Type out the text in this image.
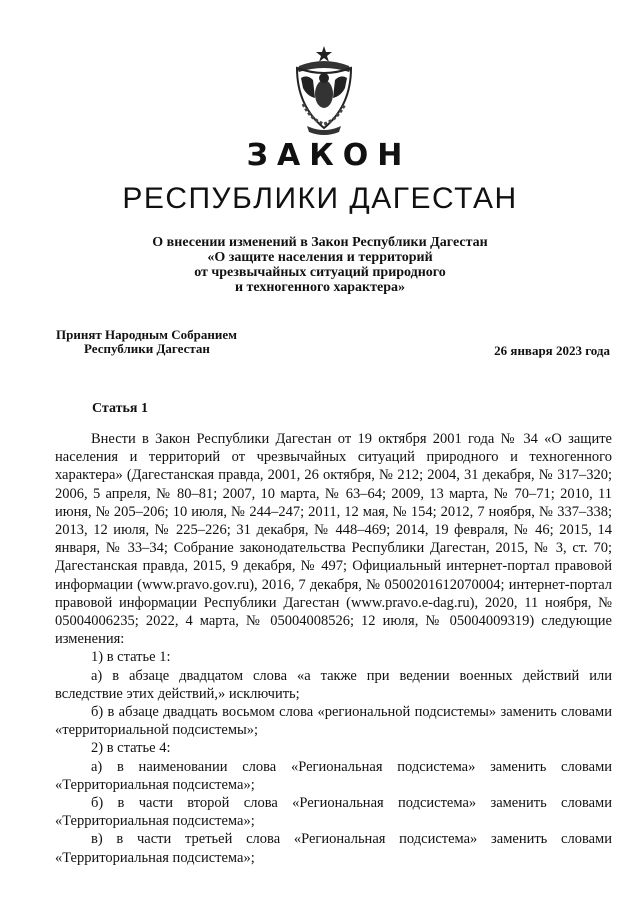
ЗАКОН
РЕСПУБЛИКИ ДАГЕСТАН
О внесении изменений в Закон Республики Дагестан
«О защите населения и территорий
от чрезвычайных ситуаций природного
и техногенного характера»
Принят Народным Собранием
Республики Дагестан	26 января 2023 года
Статья 1

Внести в Закон Республики Дагестан от 19 октября 2001 года № 34 «О защите населения и территорий от чрезвычайных ситуаций природного и техногенного характера» (Дагестанская правда, 2001, 26 октября, № 212; 2004, 31 декабря, № 317–320; 2006, 5 апреля, № 80–81; 2007, 10 марта, № 63–64; 2009, 13 марта, № 70–71; 2010, 11 июня, № 205–206; 10 июля, № 244–247; 2011, 12 мая, № 154; 2012, 7 ноября, № 337–338; 2013, 12 июля, № 225–226; 31 декабря, № 448–469; 2014, 19 февраля, № 46; 2015, 14 января, № 33–34; Собрание законодательства Республики Дагестан, 2015, № 3, ст. 70; Дагестанская правда, 2015, 9 декабря, № 497; Официальный интернет-портал правовой информации (www.pravo.gov.ru), 2016, 7 декабря, № 0500201612070004; интернет-портал правовой информации Республики Дагестан (www.pravo.e-dag.ru), 2020, 11 ноября, № 05004006235; 2022, 4 марта, № 05004008526; 12 июля, № 05004009319) следующие изменения:

1) в статье 1:

а) в абзаце двадцатом слова «а также при ведении военных действий или вследствие этих действий,» исключить;

б) в абзаце двадцать восьмом слова «региональной подсистемы» заменить словами «территориальной подсистемы»;

2) в статье 4:

а) в наименовании слова «Региональная подсистема» заменить словами «Территориальная подсистема»;

б) в части второй слова «Региональная подсистема» заменить словами «Территориальная подсистема»;

в) в части третьей слова «Региональная подсистема» заменить словами «Территориальная подсистема»;
